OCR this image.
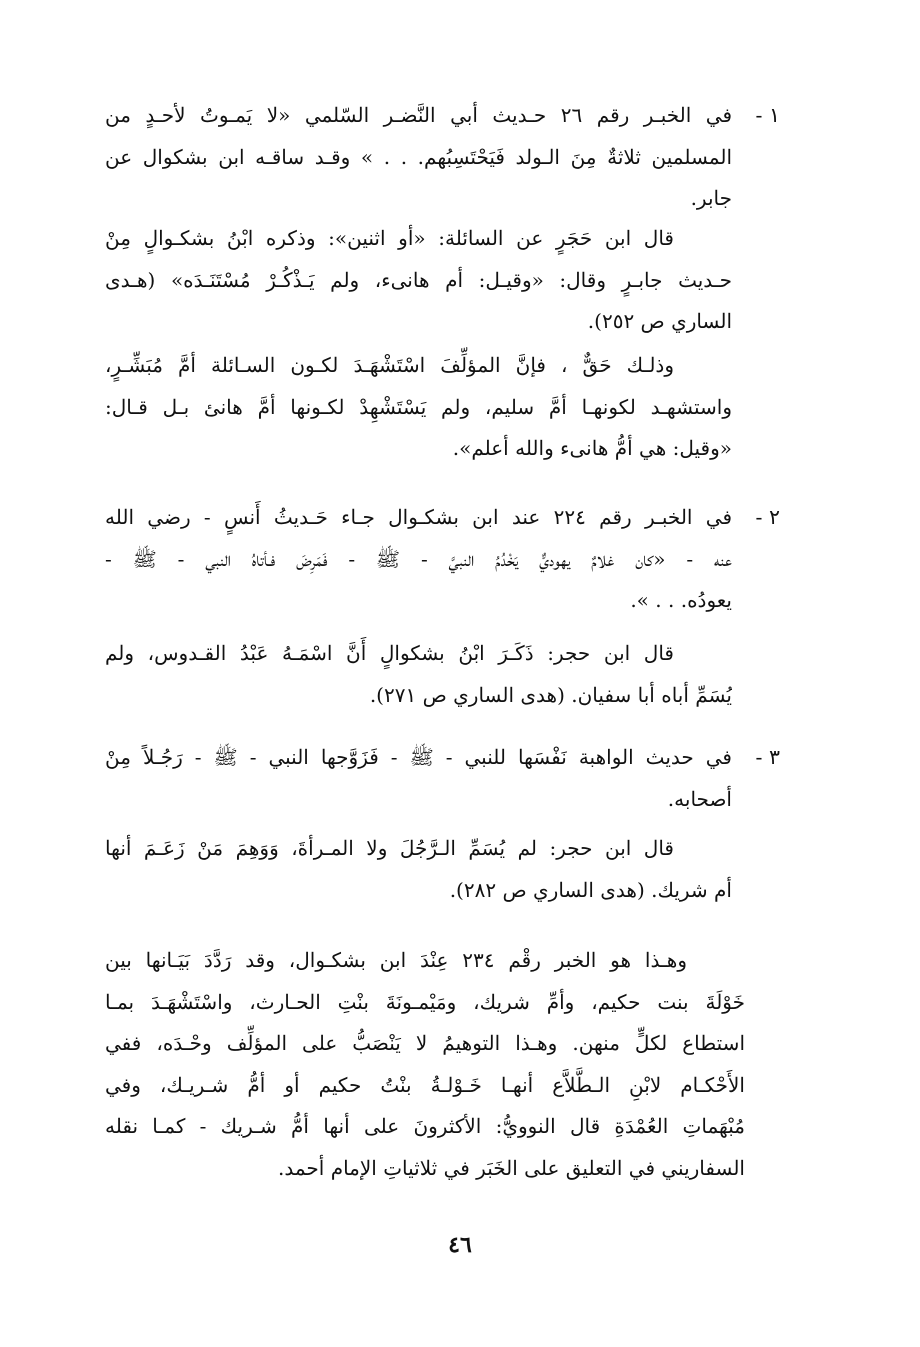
١ -
في الخبـر رقم ٢٦ حـديث أبي النَّضـر السّلمي «لا يَمـوتُ لأحـدٍ من
المسلمين ثلاثةٌ مِنَ الـولد فَيَحْتَسِبُهم. . . » وقـد ساقـه ابن بشكوال عن
جابر.
قال ابن حَجَرٍ عن السائلة: «أو اثنين»: وذكره ابْنُ بشكـوالٍ مِنْ
حـديث جابـرٍ وقال: «وقيـل: أم هانىء، ولم يَـذْكُـرْ مُسْتَنَـدَه» (هـدى
الساري ص ٢٥٢).
وذلـك حَقٌّ ، فإنَّ المؤلِّفَ اسْتَشْهَـدَ لكـون السـائلة أمَّ مُبَشِّـرٍ،
واستشهـد لكونهـا أمَّ سليم، ولم يَسْتَشْهِدْ لكـونها أمَّ هانئ بـل قـال:
«وقيل: هي أمُّ هانىء والله أعلم».
٢ -
في الخبـر رقم ٢٢٤ عند ابن بشكـوال جـاء حَـديثُ أَنسٍ - رضي الله
عنه - «كان غلامٌ يهوديٌّ يَخْدُمُ النبيَّ - ﷺ - فَمَرِضَ فـأتاهُ النبي - ﷺ -
يعودُه. . . ».
قال ابن حجر: ذَكَـرَ ابْنُ بشكوالٍ أَنَّ اسْمَـهُ عَبْدُ القـدوس، ولم
يُسَمِّ أباه أبا سفيان. (هدى الساري ص ٢٧١).
٣ -
في حديث الواهبة نَفْسَها للنبي - ﷺ - فَزَوَّجها النبي - ﷺ - رَجُـلاً مِنْ
أصحابه.
قال ابن حجر: لم يُسَمِّ الـرَّجُلَ ولا المـرأةَ، وَوَهِمَ مَنْ زَعَـمَ أنها
أم شريك. (هدى الساري ص ٢٨٢).
وهـذا هو الخبر رقْم ٢٣٤ عِنْدَ ابن بشكـوال، وقد رَدَّدَ بَيَـانها بين
خَوْلَةَ بنت حكيم، وأمِّ شريك، ومَيْمـونَةَ بنْتِ الحـارث، واسْتَشْهَـدَ بمـا
استطاع لكلٍّ منهن. وهـذا التوهيمُ لا يَنْصَبُّ على المؤلِّف وحْـدَه، ففي
الأَحْكـام لابْنِ الـطَّلاَّع أنهـا خَـوْلـةُ بنْتُ حكيم أو أمُّ شـريـك، وفي
مُبْهَماتِ العُمْدَةِ قال النوويُّ: الأكثرونَ على أنها أمُّ شـريك - كمـا نقله
السفاريني في التعليق على الخَبَر في ثلاثياتِ الإمام أحمد.
٤٦
